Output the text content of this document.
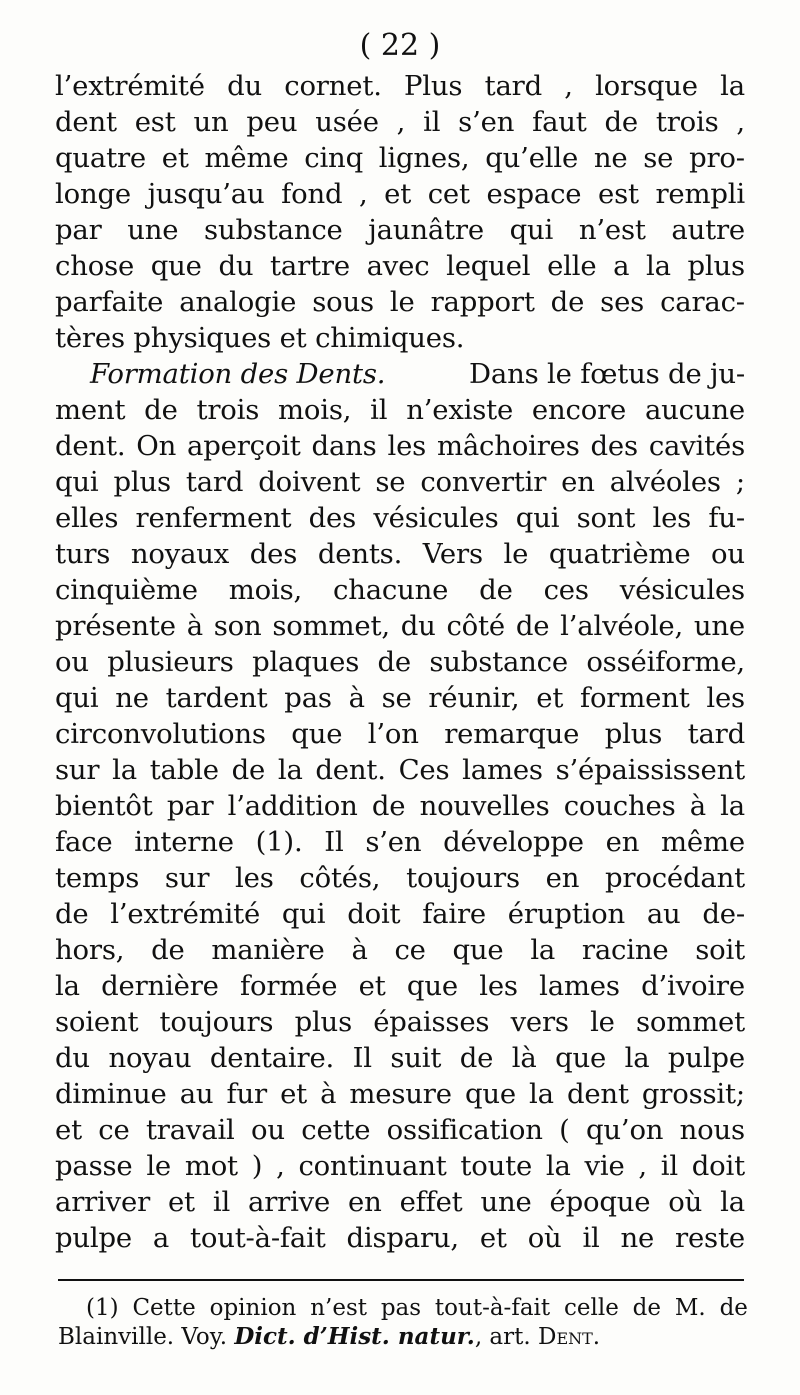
( 22 )
l’extrémité du cornet. Plus tard , lorsque la
dent est un peu usée , il s’en faut de trois ,
quatre et même cinq lignes, qu’elle ne se pro-
longe jusqu’au fond , et cet espace est rempli
par une substance jaunâtre qui n’est autre
chose que du tartre avec lequel elle a la plus
parfaite analogie sous le rapport de ses carac-
tères physiques et chimiques.
Formation des Dents.	Dans le fœtus de ju-
ment de trois mois, il n’existe encore aucune
dent. On aperçoit dans les mâchoires des cavités
qui plus tard doivent se convertir en alvéoles ;
elles renferment des vésicules qui sont les fu-
turs noyaux des dents. Vers le quatrième ou
cinquième mois, chacune de ces vésicules
présente à son sommet, du côté de l’alvéole, une
ou plusieurs plaques de substance osséiforme,
qui ne tardent pas à se réunir, et forment les
circonvolutions que l’on remarque plus tard
sur la table de la dent. Ces lames s’épaississent
bientôt par l’addition de nouvelles couches à la
face interne (1). Il s’en développe en même
temps sur les côtés, toujours en procédant
de l’extrémité qui doit faire éruption au de-
hors, de manière à ce que la racine soit
la dernière formée et que les lames d’ivoire
soient toujours plus épaisses vers le sommet
du noyau dentaire. Il suit de là que la pulpe
diminue au fur et à mesure que la dent grossit;
et ce travail ou cette ossification ( qu’on nous
passe le mot ) , continuant toute la vie , il doit
arriver et il arrive en effet une époque où la
pulpe a tout-à-fait disparu, et où il ne reste
(1) Cette opinion n’est pas tout-à-fait celle de M. de
Blainville. Voy. Dict. d’Hist. natur., art. Dent.
